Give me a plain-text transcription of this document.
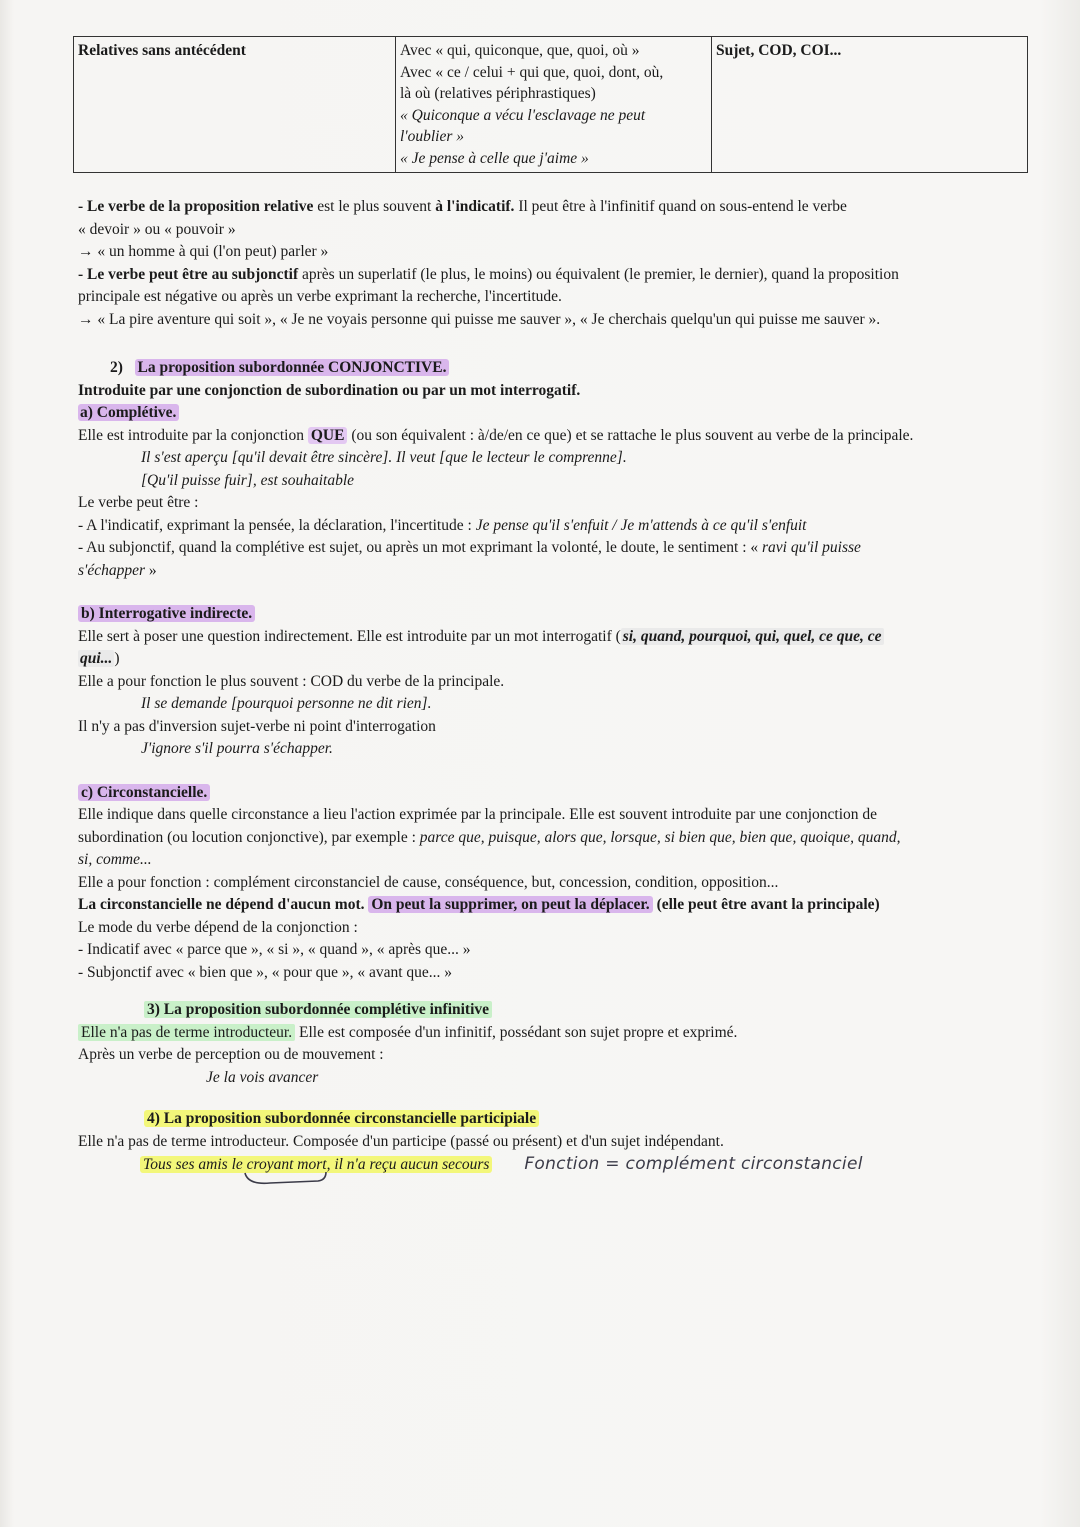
Relatives sans antécédent	Avec « qui, quiconque, que, quoi, où »
Avec « ce / celui + qui que, quoi, dont, où,
là où (relatives périphrastiques)
« Quiconque a vécu l'esclavage ne peut
l'oublier »
« Je pense à celle que j'aime »
	Sujet, COD, COI...
- Le verbe de la proposition relative est le plus souvent à l'indicatif. Il peut être à l'infinitif quand on sous-entend le verbe
« devoir » ou « pouvoir »
→ « un homme à qui (l'on peut) parler »
- Le verbe peut être au subjonctif après un superlatif (le plus, le moins) ou équivalent (le premier, le dernier), quand la proposition
principale est négative ou après un verbe exprimant la recherche, l'incertitude.
→ « La pire aventure qui soit », « Je ne voyais personne qui puisse me sauver », « Je cherchais quelqu'un qui puisse me sauver ».
2) La proposition subordonnée CONJONCTIVE.
Introduite par une conjonction de subordination ou par un mot interrogatif.
a) Complétive.
Elle est introduite par la conjonction QUE (ou son équivalent : à/de/en ce que) et se rattache le plus souvent au verbe de la principale.
Il s'est aperçu [qu'il devait être sincère]. Il veut [que le lecteur le comprenne].
[Qu'il puisse fuir], est souhaitable
Le verbe peut être :
- A l'indicatif, exprimant la pensée, la déclaration, l'incertitude : Je pense qu'il s'enfuit / Je m'attends à ce qu'il s'enfuit
- Au subjonctif, quand la complétive est sujet, ou après un mot exprimant la volonté, le doute, le sentiment : « ravi qu'il puisse
s'échapper »
b) Interrogative indirecte.
Elle sert à poser une question indirectement. Elle est introduite par un mot interrogatif ( si, quand, pourquoi, qui, quel, ce que, ce
qui... )
Elle a pour fonction le plus souvent : COD du verbe de la principale.
Il se demande [pourquoi personne ne dit rien].
Il n'y a pas d'inversion sujet-verbe ni point d'interrogation
J'ignore s'il pourra s'échapper.
c) Circonstancielle.
Elle indique dans quelle circonstance a lieu l'action exprimée par la principale. Elle est souvent introduite par une conjonction de
subordination (ou locution conjonctive), par exemple : parce que, puisque, alors que, lorsque, si bien que, bien que, quoique, quand,
si, comme...
Elle a pour fonction : complément circonstanciel de cause, conséquence, but, concession, condition, opposition...
La circonstancielle ne dépend d'aucun mot. On peut la supprimer, on peut la déplacer. (elle peut être avant la principale)
Le mode du verbe dépend de la conjonction :
- Indicatif avec « parce que », « si », « quand », « après que... »
- Subjonctif avec « bien que », « pour que », « avant que... »
3) La proposition subordonnée complétive infinitive
Elle n'a pas de terme introducteur. Elle est composée d'un infinitif, possédant son sujet propre et exprimé.
Après un verbe de perception ou de mouvement :
Je la vois avancer
4) La proposition subordonnée circonstancielle participiale
Elle n'a pas de terme introducteur. Composée d'un participe (passé ou présent) et d'un sujet indépendant.
Tous ses amis le croyant mort, il n'a reçu aucun secours Fonction = complément circonstanciel
